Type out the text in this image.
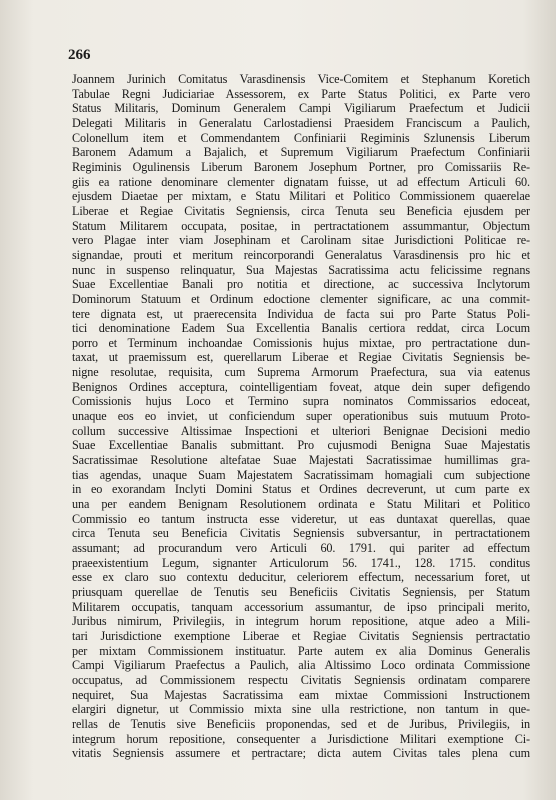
266
Joannem Jurinich Comitatus Varasdinensis Vice-Comitem et Stephanum Koretich
Tabulae Regni Judiciariae Assessorem, ex Parte Status Politici, ex Parte vero
Status Militaris, Dominum Generalem Campi Vigiliarum Praefectum et Judicii
Delegati Militaris in Generalatu Carlostadiensi Praesidem Franciscum a Paulich,
Colonellum item et Commendantem Confiniarii Regiminis Szlunensis Liberum
Baronem Adamum a Bajalich, et Supremum Vigiliarum Praefectum Confiniarii
Regiminis Ogulinensis Liberum Baronem Josephum Portner, pro Comissariis Re-
giis ea ratione denominare clementer dignatam fuisse, ut ad effectum Articuli 60.
ejusdem Diaetae per mixtam, e Statu Militari et Politico Commissionem quaerelae
Liberae et Regiae Civitatis Segniensis, circa Tenuta seu Beneficia ejusdem per
Statum Militarem occupata, positae, in pertractationem assummantur, Objectum
vero Plagae inter viam Josephinam et Carolinam sitae Jurisdictioni Politicae re-
signandae, prouti et meritum reincorporandi Generalatus Varasdinensis pro hic et
nunc in suspenso relinquatur, Sua Majestas Sacratissima actu felicissime regnans
Suae Excellentiae Banali pro notitia et directione, ac successiva Inclytorum
Dominorum Statuum et Ordinum edoctione clementer significare, ac una commit-
tere dignata est, ut praerecensita Individua de facta sui pro Parte Status Poli-
tici denominatione Eadem Sua Excellentia Banalis certiora reddat, circa Locum
porro et Terminum inchoandae Comissionis hujus mixtae, pro pertractatione dun-
taxat, ut praemissum est, querellarum Liberae et Regiae Civitatis Segniensis be-
nigne resolutae, requisita, cum Suprema Armorum Praefectura, sua via eatenus
Benignos Ordines acceptura, cointelligentiam foveat, atque dein super defigendo
Comissionis hujus Loco et Termino supra nominatos Commissarios edoceat,
unaque eos eo inviet, ut conficiendum super operationibus suis mutuum Proto-
collum successive Altissimae Inspectioni et ulteriori Benignae Decisioni medio
Suae Excellentiae Banalis submittant. Pro cujusmodi Benigna Suae Majestatis
Sacratissimae Resolutione altefatae Suae Majestati Sacratissimae humillimas gra-
tias agendas, unaque Suam Majestatem Sacratissimam homagiali cum subjectione
in eo exorandam Inclyti Domini Status et Ordines decreverunt, ut cum parte ex
una per eandem Benignam Resolutionem ordinata e Statu Militari et Politico
Commissio eo tantum instructa esse videretur, ut eas duntaxat querellas, quae
circa Tenuta seu Beneficia Civitatis Segniensis subversantur, in pertractationem
assumant; ad procurandum vero Articuli 60. 1791. qui pariter ad effectum
praeexistentium Legum, signanter Articulorum 56. 1741., 128. 1715. conditus
esse ex claro suo contextu deducitur, celeriorem effectum, necessarium foret, ut
priusquam querellae de Tenutis seu Beneficiis Civitatis Segniensis, per Statum
Militarem occupatis, tanquam accessorium assumantur, de ipso principali merito,
Juribus nimirum, Privilegiis, in integrum horum repositione, atque adeo a Mili-
tari Jurisdictione exemptione Liberae et Regiae Civitatis Segniensis pertractatio
per mixtam Commissionem instituatur. Parte autem ex alia Dominus Generalis
Campi Vigiliarum Praefectus a Paulich, alia Altissimo Loco ordinata Commissione
occupatus, ad Commissionem respectu Civitatis Segniensis ordinatam comparere
nequiret, Sua Majestas Sacratissima eam mixtae Commissioni Instructionem
elargiri dignetur, ut Commissio mixta sine ulla restrictione, non tantum in que-
rellas de Tenutis sive Beneficiis proponendas, sed et de Juribus, Privilegiis, in
integrum horum repositione, consequenter a Jurisdictione Militari exemptione Ci-
vitatis Segniensis assumere et pertractare; dicta autem Civitas tales plena cum
